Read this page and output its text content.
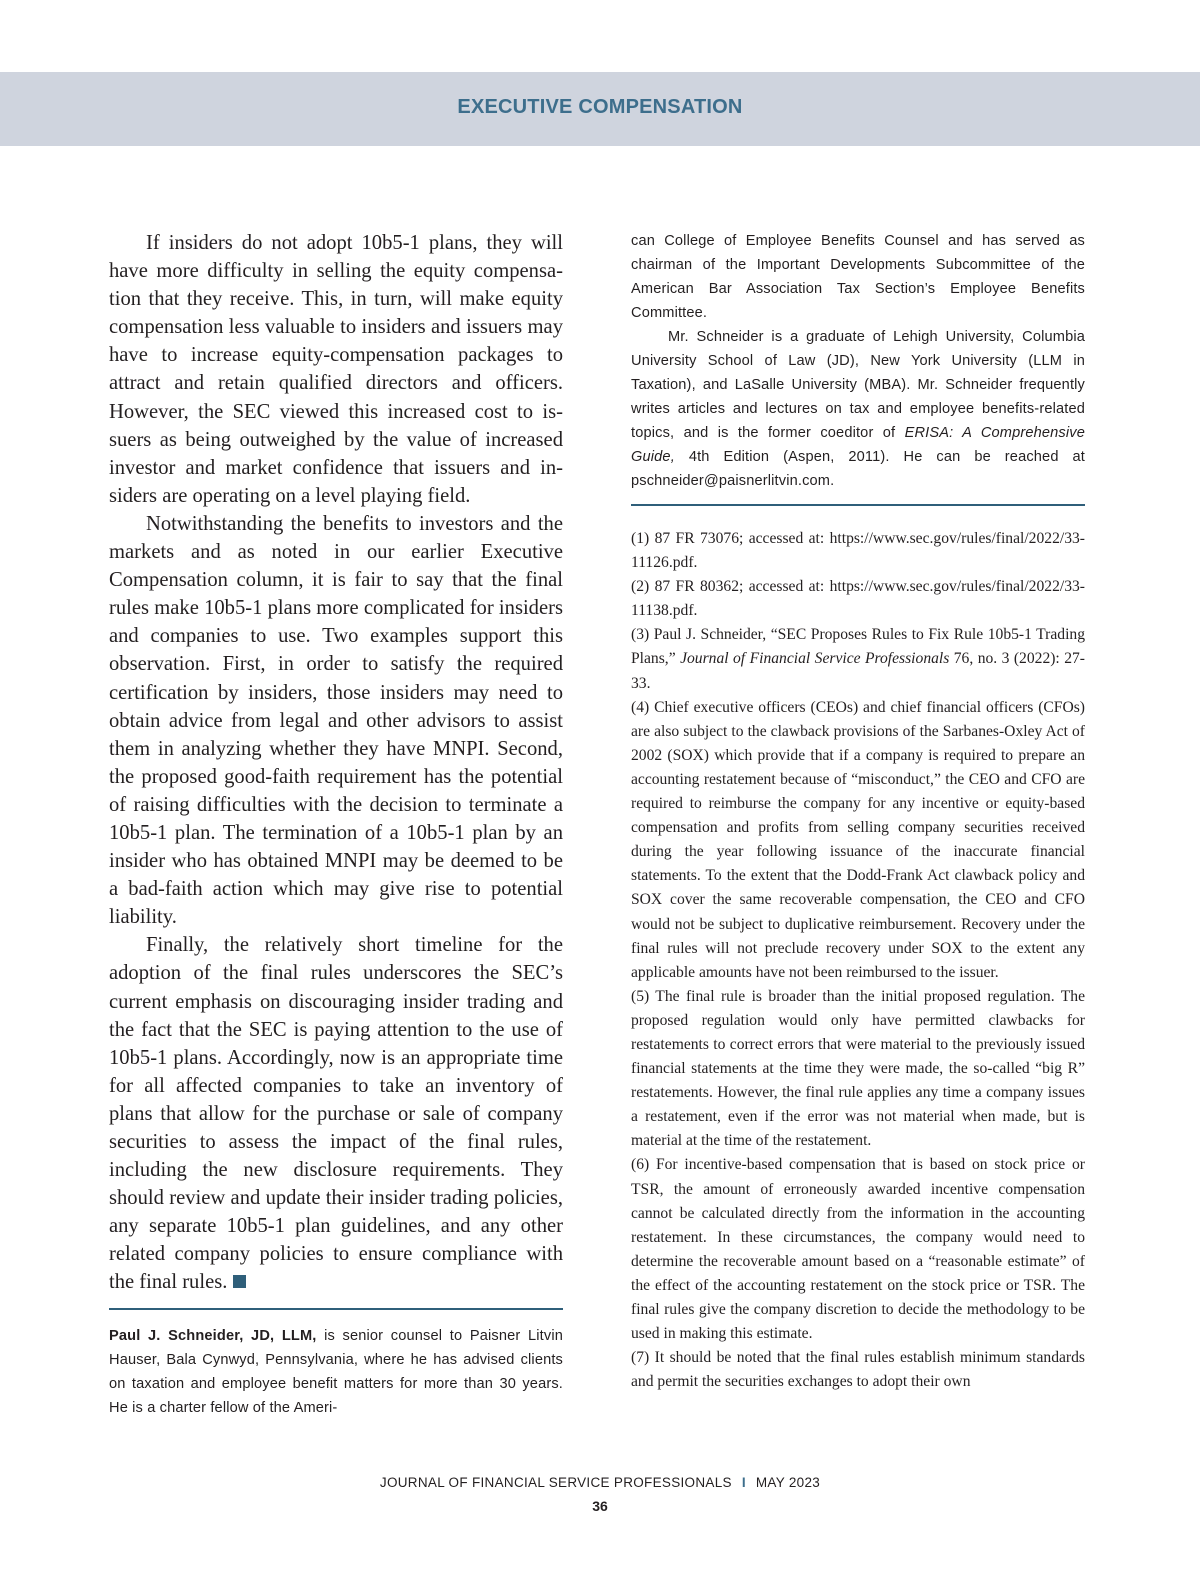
EXECUTIVE COMPENSATION

If insiders do not adopt 10b5-1 plans, they will have more difficulty in selling the equity compensation that they receive. This, in turn, will make equity compensation less valuable to insiders and issuers may have to increase equity-compensation packages to attract and retain qualified directors and officers. However, the SEC viewed this increased cost to issuers as being outweighed by the value of increased investor and market confidence that issuers and insiders are operating on a level playing field.

Notwithstanding the benefits to investors and the markets and as noted in our earlier Executive Compensation column, it is fair to say that the final rules make 10b5-1 plans more complicated for insiders and companies to use. Two examples support this observation. First, in order to satisfy the required certification by insiders, those insiders may need to obtain advice from legal and other advisors to assist them in analyzing whether they have MNPI. Second, the proposed good-faith requirement has the potential of raising difficulties with the decision to terminate a 10b5-1 plan. The termination of a 10b5-1 plan by an insider who has obtained MNPI may be deemed to be a bad-faith action which may give rise to potential liability.

Finally, the relatively short timeline for the adoption of the final rules underscores the SEC’s current emphasis on discouraging insider trading and the fact that the SEC is paying attention to the use of 10b5-1 plans. Accordingly, now is an appropriate time for all affected companies to take an inventory of plans that allow for the purchase or sale of company securities to assess the impact of the final rules, including the new disclosure requirements. They should review and update their insider trading policies, any separate 10b5-1 plan guidelines, and any other related company policies to ensure compliance with the final rules.

Paul J. Schneider, JD, LLM, is senior counsel to Paisner Litvin Hauser, Bala Cynwyd, Pennsylvania, where he has advised clients on taxation and employee benefit matters for more than 30 years. He is a charter fellow of the Ameri-

can College of Employee Benefits Counsel and has served as chairman of the Important Developments Subcommittee of the American Bar Association Tax Section’s Employee Benefits Committee.

Mr. Schneider is a graduate of Lehigh University, Columbia University School of Law (JD), New York University (LLM in Taxation), and LaSalle University (MBA). Mr. Schneider frequently writes articles and lectures on tax and employee benefits-related topics, and is the former coeditor of ERISA: A Comprehensive Guide, 4th Edition (Aspen, 2011). He can be reached at pschneider@paisnerlitvin.com.

(1) 87 FR 73076; accessed at: https://www.sec.gov/rules/final/2022/33-11126.pdf.

(2) 87 FR 80362; accessed at: https://www.sec.gov/rules/final/2022/33-11138.pdf.

(3) Paul J. Schneider, “SEC Proposes Rules to Fix Rule 10b5-1 Trading Plans,” Journal of Financial Service Professionals 76, no. 3 (2022): 27-33.

(4) Chief executive officers (CEOs) and chief financial officers (CFOs) are also subject to the clawback provisions of the Sarbanes-Oxley Act of 2002 (SOX) which provide that if a company is required to prepare an accounting restatement because of “misconduct,” the CEO and CFO are required to reimburse the company for any incentive or equity-based compensation and profits from selling company securities received during the year following issuance of the inaccurate financial statements. To the extent that the Dodd-Frank Act clawback policy and SOX cover the same recoverable compensation, the CEO and CFO would not be subject to duplicative reimbursement. Recovery under the final rules will not preclude recovery under SOX to the extent any applicable amounts have not been reimbursed to the issuer.

(5) The final rule is broader than the initial proposed regulation. The proposed regulation would only have permitted clawbacks for restatements to correct errors that were material to the previously issued financial statements at the time they were made, the so-called “big R” restatements. However, the final rule applies any time a company issues a restatement, even if the error was not material when made, but is material at the time of the restatement.

(6) For incentive-based compensation that is based on stock price or TSR, the amount of erroneously awarded incentive compensation cannot be calculated directly from the information in the accounting restatement. In these circumstances, the company would need to determine the recoverable amount based on a “reasonable estimate” of the effect of the accounting restatement on the stock price or TSR. The final rules give the company discretion to decide the methodology to be used in making this estimate.

(7) It should be noted that the final rules establish minimum standards and permit the securities exchanges to adopt their own

JOURNAL OF FINANCIAL SERVICE PROFESSIONALS I MAY 2023
36
